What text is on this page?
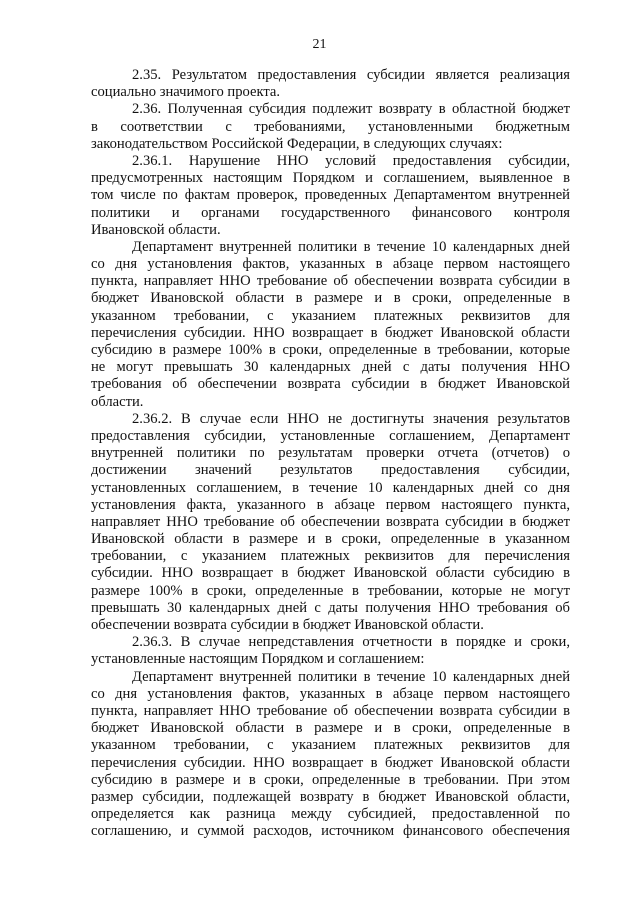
21
2.35. Результатом предоставления субсидии является реализация
социально значимого проекта.
2.36. Полученная субсидия подлежит возврату в областной бюджет
в соответствии с требованиями, установленными бюджетным
законодательством Российской Федерации, в следующих случаях:
2.36.1. Нарушение ННО условий предоставления субсидии,
предусмотренных настоящим Порядком и соглашением, выявленное в
том числе по фактам проверок, проведенных Департаментом внутренней
политики и органами государственного финансового контроля
Ивановской области.
Департамент внутренней политики в течение 10 календарных дней
со дня установления фактов, указанных в абзаце первом настоящего
пункта, направляет ННО требование об обеспечении возврата субсидии в
бюджет Ивановской области в размере и в сроки, определенные в
указанном требовании, с указанием платежных реквизитов для
перечисления субсидии. ННО возвращает в бюджет Ивановской области
субсидию в размере 100% в сроки, определенные в требовании, которые
не могут превышать 30 календарных дней с даты получения ННО
требования об обеспечении возврата субсидии в бюджет Ивановской
области.
2.36.2. В случае если ННО не достигнуты значения результатов
предоставления субсидии, установленные соглашением, Департамент
внутренней политики по результатам проверки отчета (отчетов) о
достижении значений результатов предоставления субсидии,
установленных соглашением, в течение 10 календарных дней со дня
установления факта, указанного в абзаце первом настоящего пункта,
направляет ННО требование об обеспечении возврата субсидии в бюджет
Ивановской области в размере и в сроки, определенные в указанном
требовании, с указанием платежных реквизитов для перечисления
субсидии. ННО возвращает в бюджет Ивановской области субсидию в
размере 100% в сроки, определенные в требовании, которые не могут
превышать 30 календарных дней с даты получения ННО требования об
обеспечении возврата субсидии в бюджет Ивановской области.
2.36.3. В случае непредставления отчетности в порядке и сроки,
установленные настоящим Порядком и соглашением:
Департамент внутренней политики в течение 10 календарных дней
со дня установления фактов, указанных в абзаце первом настоящего
пункта, направляет ННО требование об обеспечении возврата субсидии в
бюджет Ивановской области в размере и в сроки, определенные в
указанном требовании, с указанием платежных реквизитов для
перечисления субсидии. ННО возвращает в бюджет Ивановской области
субсидию в размере и в сроки, определенные в требовании. При этом
размер субсидии, подлежащей возврату в бюджет Ивановской области,
определяется как разница между субсидией, предоставленной по
соглашению, и суммой расходов, источником финансового обеспечения
